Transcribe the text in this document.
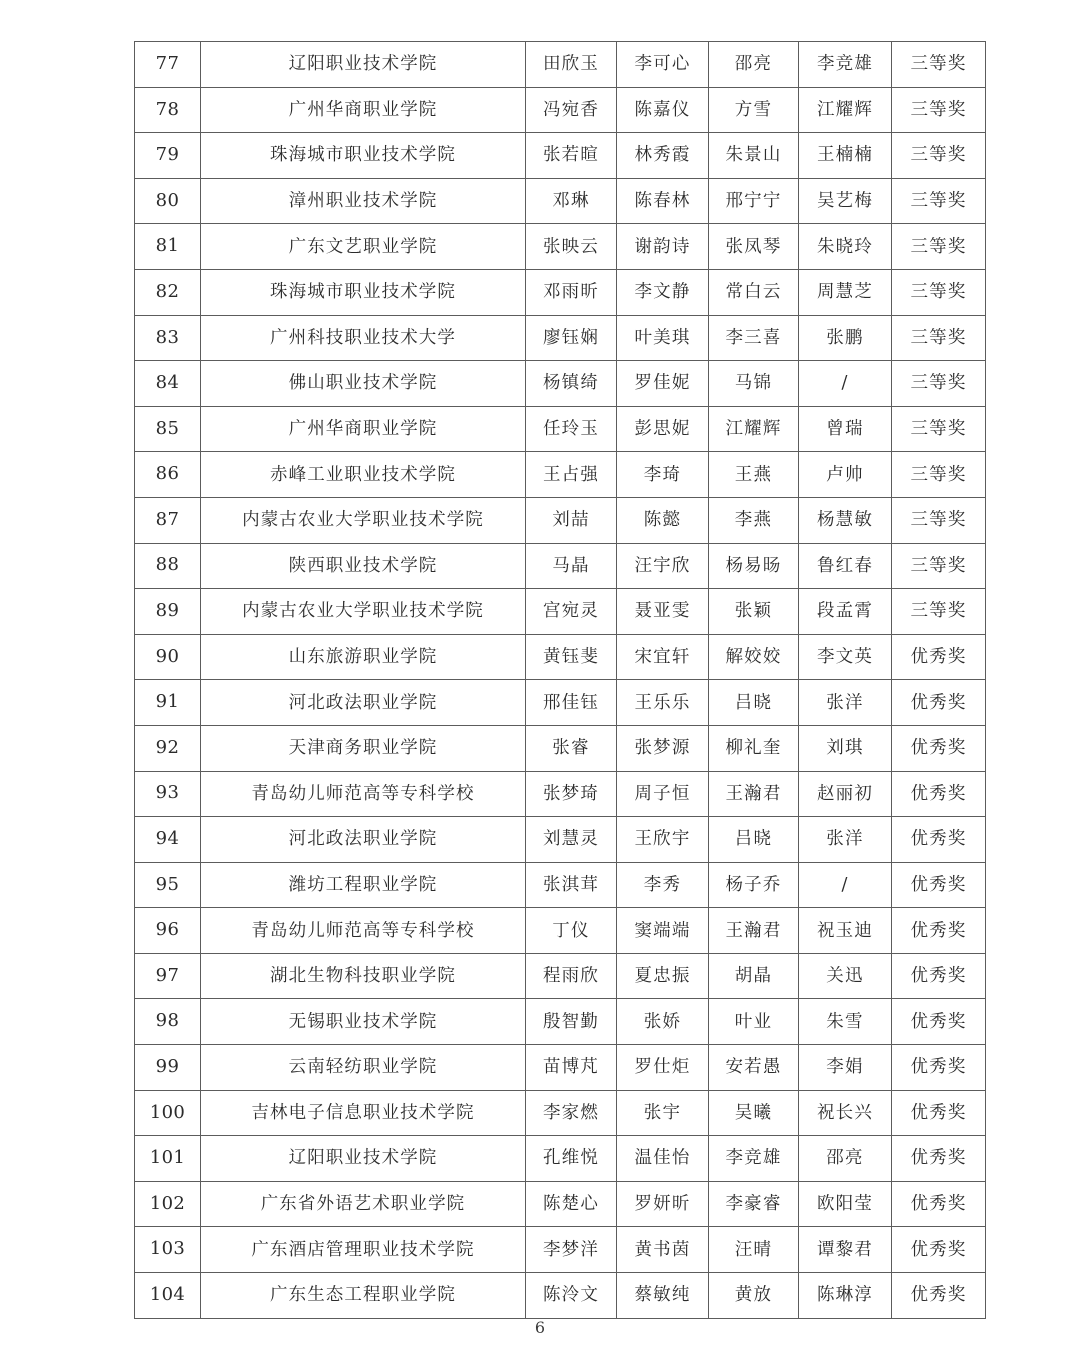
77	辽阳职业技术学院	田欣玉	李可心	邵亮	李竞雄	三等奖
78	广州华商职业学院	冯宛香	陈嘉仪	方雪	江耀辉	三等奖
79	珠海城市职业技术学院	张若暄	林秀霞	朱景山	王楠楠	三等奖
80	漳州职业技术学院	邓琳	陈春林	邢宁宁	吴艺梅	三等奖
81	广东文艺职业学院	张映云	谢韵诗	张凤琴	朱晓玲	三等奖
82	珠海城市职业技术学院	邓雨昕	李文静	常白云	周慧芝	三等奖
83	广州科技职业技术大学	廖钰娴	叶美琪	李三喜	张鹏	三等奖
84	佛山职业技术学院	杨镇绮	罗佳妮	马锦	/	三等奖
85	广州华商职业学院	任玲玉	彭思妮	江耀辉	曾瑞	三等奖
86	赤峰工业职业技术学院	王占强	李琦	王燕	卢帅	三等奖
87	内蒙古农业大学职业技术学院	刘喆	陈懿	李燕	杨慧敏	三等奖
88	陕西职业技术学院	马晶	汪宇欣	杨易旸	鲁红春	三等奖
89	内蒙古农业大学职业技术学院	宫宛灵	聂亚雯	张颖	段孟霄	三等奖
90	山东旅游职业学院	黄钰斐	宋宜轩	解姣姣	李文英	优秀奖
91	河北政法职业学院	邢佳钰	王乐乐	吕晓	张洋	优秀奖
92	天津商务职业学院	张睿	张梦源	柳礼奎	刘琪	优秀奖
93	青岛幼儿师范高等专科学校	张梦琦	周子恒	王瀚君	赵丽初	优秀奖
94	河北政法职业学院	刘慧灵	王欣宇	吕晓	张洋	优秀奖
95	潍坊工程职业学院	张淇茸	李秀	杨子乔	/	优秀奖
96	青岛幼儿师范高等专科学校	丁仪	窦端端	王瀚君	祝玉迪	优秀奖
97	湖北生物科技职业学院	程雨欣	夏忠振	胡晶	关迅	优秀奖
98	无锡职业技术学院	殷智勤	张娇	叶业	朱雪	优秀奖
99	云南轻纺职业学院	苗博芃	罗仕炬	安若愚	李娟	优秀奖
100	吉林电子信息职业技术学院	李家燃	张宇	吴曦	祝长兴	优秀奖
101	辽阳职业技术学院	孔维悦	温佳怡	李竞雄	邵亮	优秀奖
102	广东省外语艺术职业学院	陈楚心	罗妍昕	李豪睿	欧阳莹	优秀奖
103	广东酒店管理职业技术学院	李梦洋	黄书茵	汪晴	谭黎君	优秀奖
104	广东生态工程职业学院	陈泠文	蔡敏纯	黄放	陈琳淳	优秀奖
6
